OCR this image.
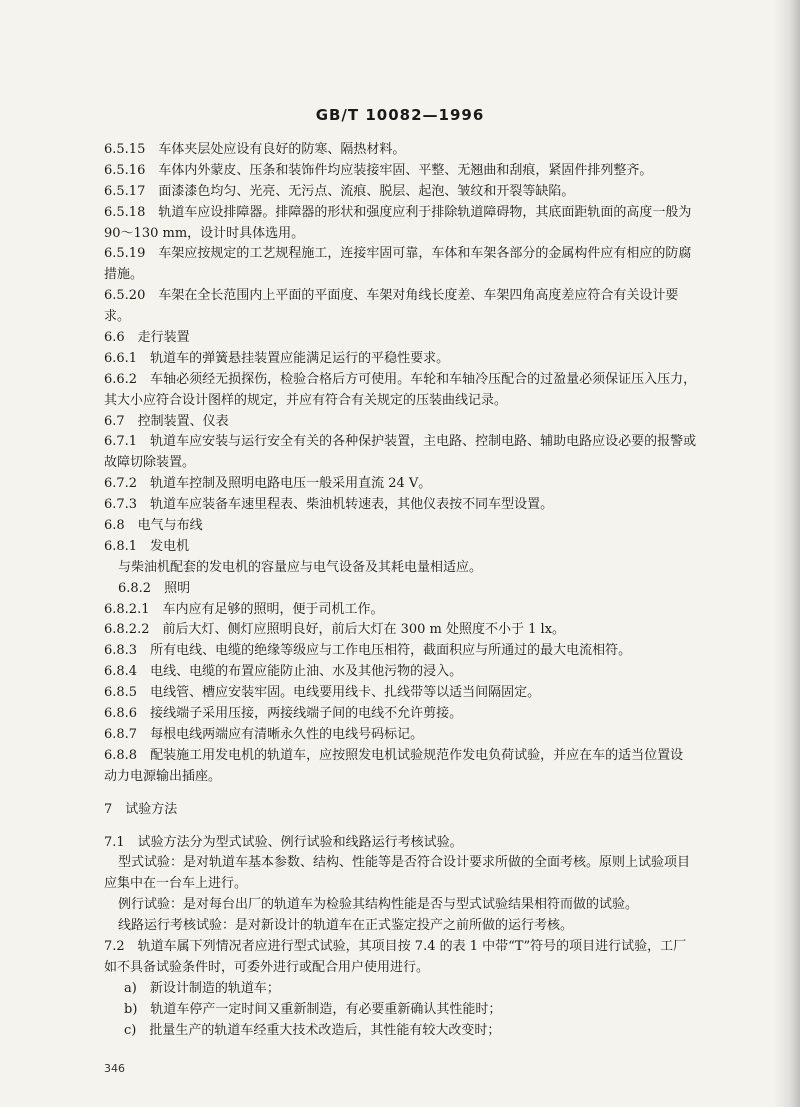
GB/T 10082—1996
6.5.15　车体夹层处应设有良好的防寒、隔热材料。
6.5.16　车体内外蒙皮、压条和装饰件均应装接牢固、平整、无翘曲和刮痕，紧固件排列整齐。
6.5.17　面漆漆色均匀、光亮、无污点、流痕、脱层、起泡、皱纹和开裂等缺陷。
6.5.18　轨道车应设排障器。排障器的形状和强度应利于排除轨道障碍物，其底面距轨面的高度一般为
90～130 mm，设计时具体选用。
6.5.19　车架应按规定的工艺规程施工，连接牢固可靠，车体和车架各部分的金属构件应有相应的防腐
措施。
6.5.20　车架在全长范围内上平面的平面度、车架对角线长度差、车架四角高度差应符合有关设计要
求。
6.6　走行装置
6.6.1　轨道车的弹簧悬挂装置应能满足运行的平稳性要求。
6.6.2　车轴必须经无损探伤，检验合格后方可使用。车轮和车轴冷压配合的过盈量必须保证压入压力，
其大小应符合设计图样的规定，并应有符合有关规定的压装曲线记录。
6.7　控制装置、仪表
6.7.1　轨道车应安装与运行安全有关的各种保护装置，主电路、控制电路、辅助电路应设必要的报警或
故障切除装置。
6.7.2　轨道车控制及照明电路电压一般采用直流 24 V。
6.7.3　轨道车应装备车速里程表、柴油机转速表，其他仪表按不同车型设置。
6.8　电气与布线
6.8.1　发电机
与柴油机配套的发电机的容量应与电气设备及其耗电量相适应。
6.8.2　照明
6.8.2.1　车内应有足够的照明，便于司机工作。
6.8.2.2　前后大灯、侧灯应照明良好，前后大灯在 300 m 处照度不小于 1 lx。
6.8.3　所有电线、电缆的绝缘等级应与工作电压相符，截面积应与所通过的最大电流相符。
6.8.4　电线、电缆的布置应能防止油、水及其他污物的浸入。
6.8.5　电线管、槽应安装牢固。电线要用线卡、扎线带等以适当间隔固定。
6.8.6　接线端子采用压接，两接线端子间的电线不允许剪接。
6.8.7　每根电线两端应有清晰永久性的电线号码标记。
6.8.8　配装施工用发电机的轨道车，应按照发电机试验规范作发电负荷试验，并应在车的适当位置设
动力电源输出插座。
7　试验方法
7.1　试验方法分为型式试验、例行试验和线路运行考核试验。
型式试验：是对轨道车基本参数、结构、性能等是否符合设计要求所做的全面考核。原则上试验项目
应集中在一台车上进行。
例行试验：是对每台出厂的轨道车为检验其结构性能是否与型式试验结果相符而做的试验。
线路运行考核试验：是对新设计的轨道车在正式鉴定投产之前所做的运行考核。
7.2　轨道车属下列情况者应进行型式试验，其项目按 7.4 的表 1 中带“T”符号的项目进行试验，工厂
如不具备试验条件时，可委外进行或配合用户使用进行。
a)　新设计制造的轨道车；
b)　轨道车停产一定时间又重新制造，有必要重新确认其性能时；
c)　批量生产的轨道车经重大技术改造后，其性能有较大改变时；
346
